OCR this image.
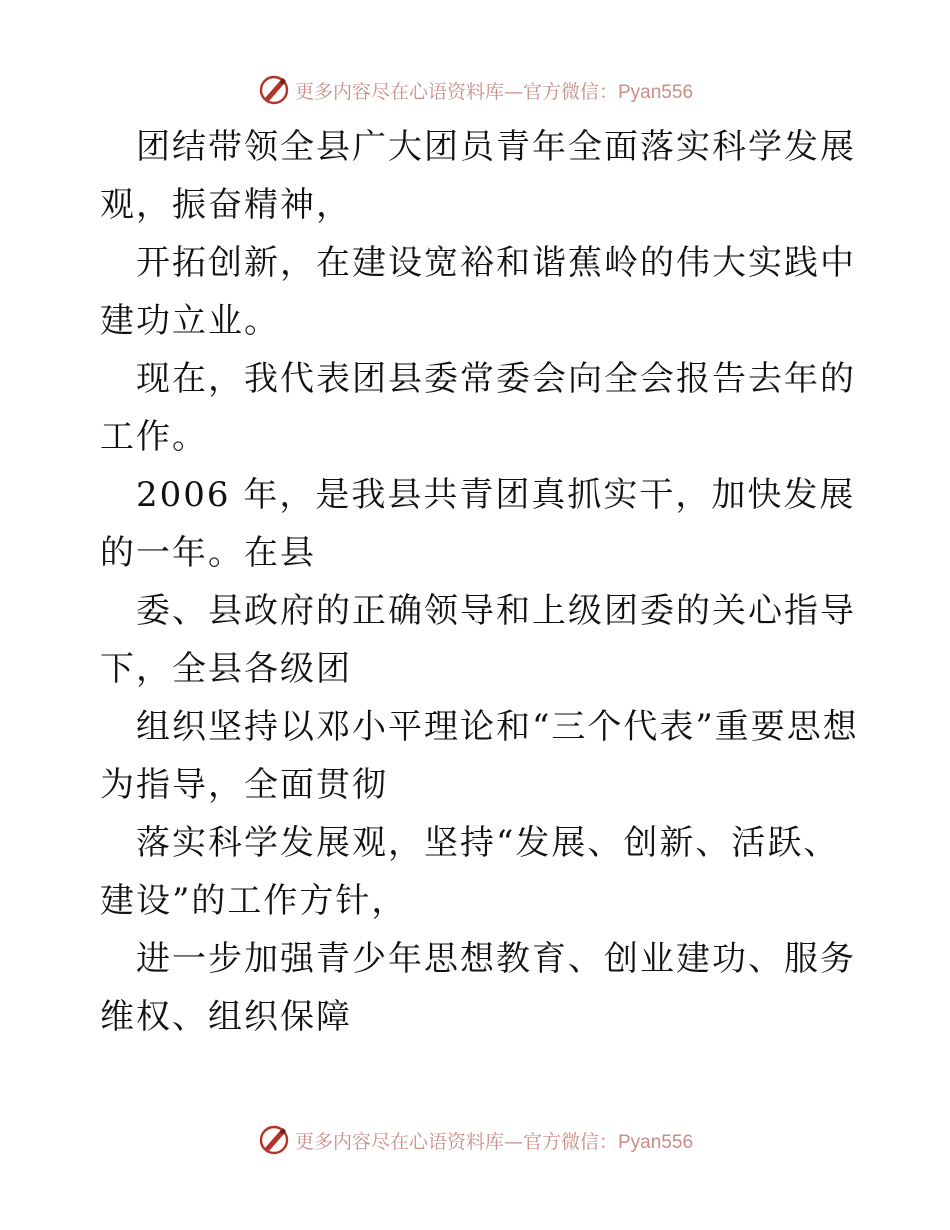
更多内容尽在心语资料库—官方微信：Pyan556

团结带领全县广大团员青年全面落实科学发展观，振奋精神，

开拓创新，在建设宽裕和谐蕉岭的伟大实践中建功立业。

现在，我代表团县委常委会向全会报告去年的工作。

2006 年，是我县共青团真抓实干，加快发展的一年。在县

委、县政府的正确领导和上级团委的关心指导下，全县各级团

组织坚持以邓小平理论和“三个代表”重要思想为指导，全面贯彻

落实科学发展观，坚持“发展、创新、活跃、建设”的工作方针，

进一步加强青少年思想教育、创业建功、服务维权、组织保障

更多内容尽在心语资料库—官方微信：Pyan556
